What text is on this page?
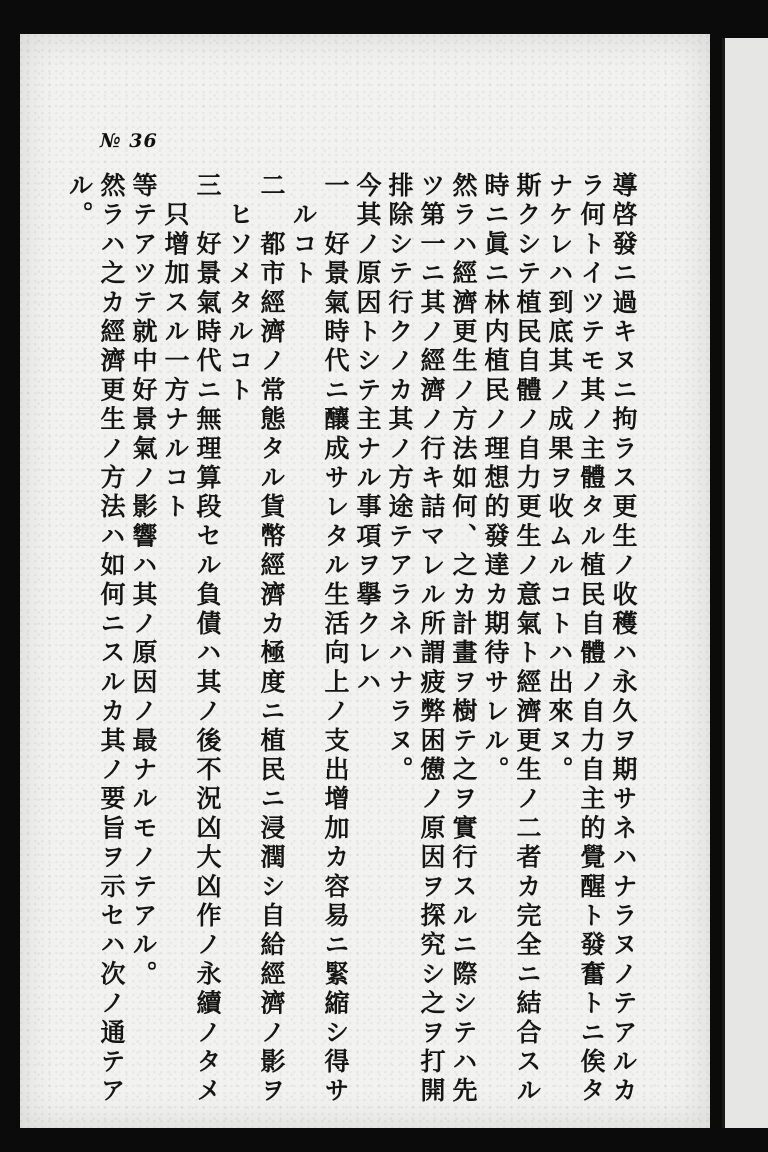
№ 36
導啓發ニ過キヌニ拘ラス更生ノ收穫ハ永久ヲ期サネハナラヌノテアルカ
ラ何トイツテモ其ノ主體タル植民自體ノ自力自主的覺醒ト發奮トニ俟タ
ナケレハ到底其ノ成果ヲ收ムルコトハ出來ヌ。
斯クシテ植民自體ノ自力更生ノ意氣ト經濟更生ノ二者カ完全ニ結合スル
時ニ眞ニ林内植民ノ理想的發達カ期待サレル。
然ラハ經濟更生ノ方法如何、之カ計畫ヲ樹テ之ヲ實行スルニ際シテハ先
ツ第一ニ其ノ經濟ノ行キ詰マレル所謂疲弊困憊ノ原因ヲ探究シ之ヲ打開
排除シテ行クノカ其ノ方途テアラネハナラヌ。
今其ノ原因トシテ主ナル事項ヲ擧クレハ
一　好景氣時代ニ釀成サレタル生活向上ノ支出增加カ容易ニ緊縮シ得サ
　ルコト
二　都市經濟ノ常態タル貨幣經濟カ極度ニ植民ニ浸潤シ自給經濟ノ影ヲ
　ヒソメタルコト
三　好景氣時代ニ無理算段セル負債ハ其ノ後不況凶大凶作ノ永續ノタメ
　只增加スル一方ナルコト
等テアツテ就中好景氣ノ影響ハ其ノ原因ノ最ナルモノテアル。
然ラハ之カ經濟更生ノ方法ハ如何ニスルカ其ノ要旨ヲ示セハ次ノ通テア
ル。
